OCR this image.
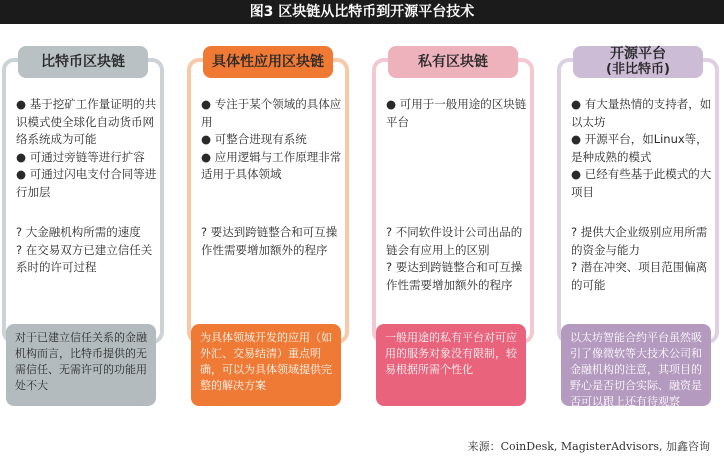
图3 区块链从比特币到开源平台技术

● 基于挖矿工作量证明的共识模式使全球化自动货币网络系统成为可能

● 可通过旁链等进行扩容

● 可通过闪电支付合同等进行加层

? 大金融机构所需的速度

? 在交易双方已建立信任关系时的许可过程

比特币区块链
对于已建立信任关系的金融机构而言，比特币提供的无需信任、无需许可的功能用处不大

● 专注于某个领域的具体应用

● 可整合进现有系统

● 应用逻辑与工作原理非常适用于具体领域

? 要达到跨链整合和可互操作性需要增加额外的程序

具体性应用区块链
为具体领域开发的应用（如外汇、交易结清）重点明确，可以为具体领域提供完整的解决方案

● 可用于一般用途的区块链平台

? 不同软件设计公司出品的链会有应用上的区别

? 要达到跨链整合和可互操作性需要增加额外的程序

私有区块链
一般用途的私有平台对可应用的服务对象没有限制，较易根据所需个性化

● 有大量热情的支持者，如以太坊

● 开源平台，如Linux等，是种成熟的模式

● 已经有些基于此模式的大项目

? 提供大企业级别应用所需的资金与能力

? 潜在冲突、项目范围偏离的可能

开源平台
(非比特币)
以太坊智能合约平台虽然吸引了像微软等大技术公司和金融机构的注意，其项目的野心是否切合实际、融资是否可以跟上还有待观察
来源：CoinDesk, MagisterAdvisors, 加鑫咨询
